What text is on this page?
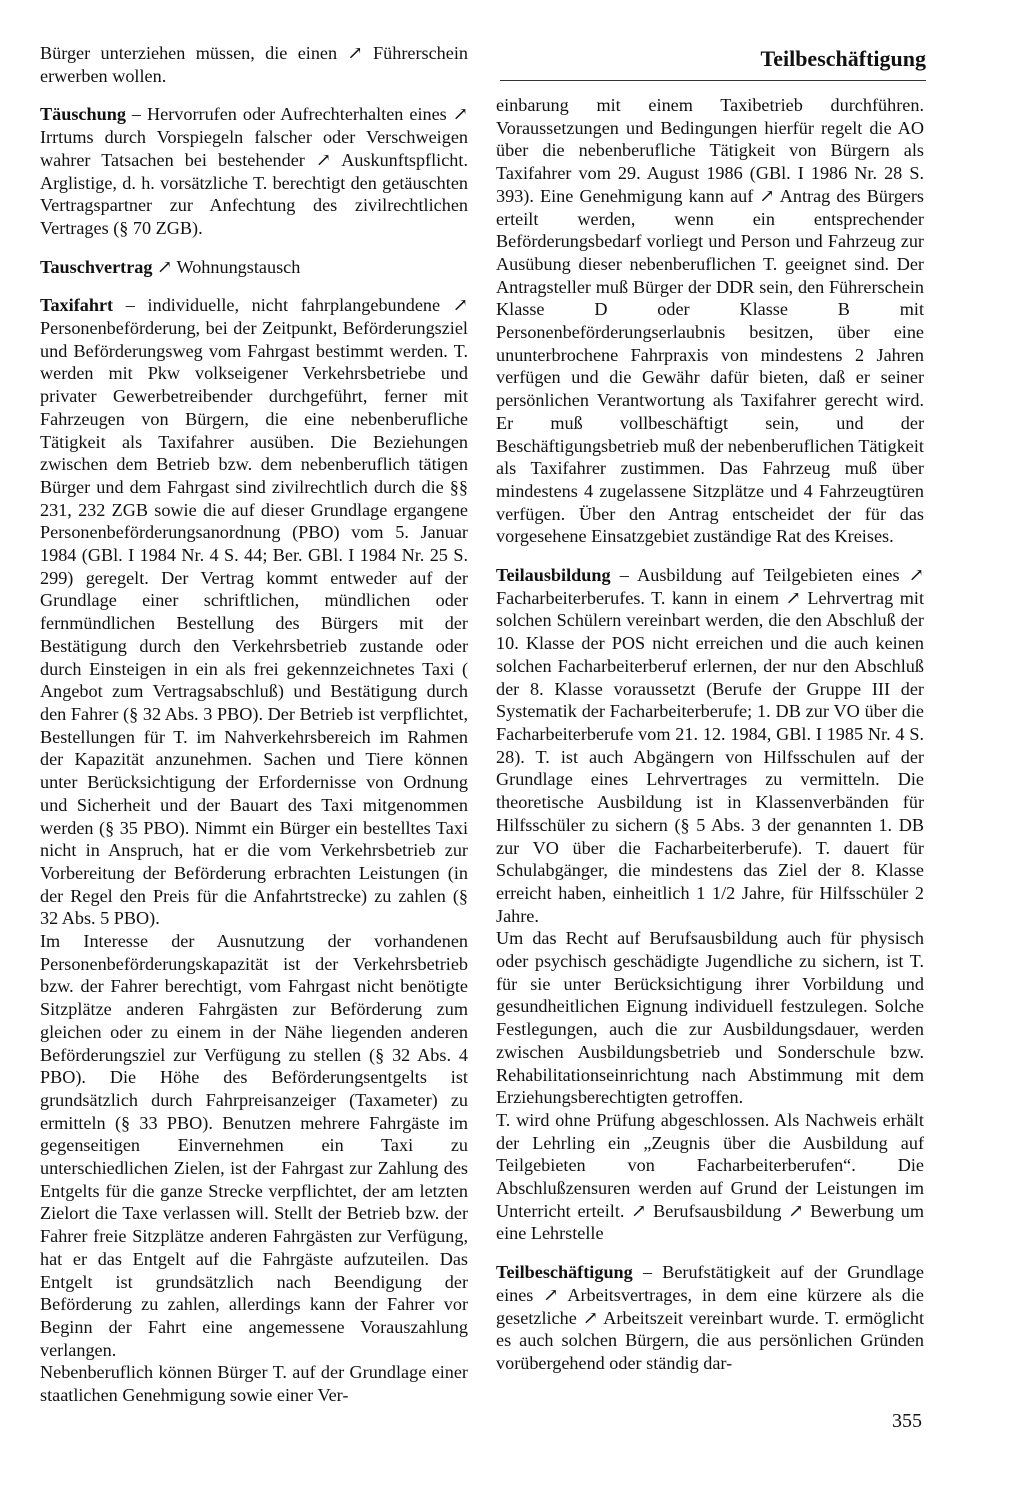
Teilbeschäftigung

Bürger unterziehen müssen, die einen ↗ Führerschein erwerben wollen.

Täuschung – Hervorrufen oder Aufrechterhalten eines ↗ Irrtums durch Vorspiegeln falscher oder Verschweigen wahrer Tatsachen bei bestehender ↗ Auskunftspflicht. Arglistige, d. h. vorsätzliche T. berechtigt den getäuschten Vertragspartner zur Anfechtung des zivilrechtlichen Vertrages (§ 70 ZGB).

Tauschvertrag ↗ Wohnungstausch

Taxifahrt – individuelle, nicht fahrplangebundene ↗ Personenbeförderung, bei der Zeitpunkt, Beförderungsziel und Beförderungsweg vom Fahrgast bestimmt werden. T. werden mit Pkw volkseigener Verkehrsbetriebe und privater Gewerbetreibender durchgeführt, ferner mit Fahrzeugen von Bürgern, die eine nebenberufliche Tätigkeit als Taxifahrer ausüben. Die Beziehungen zwischen dem Betrieb bzw. dem nebenberuflich tätigen Bürger und dem Fahrgast sind zivilrechtlich durch die §§ 231, 232 ZGB sowie die auf dieser Grundlage ergangene Personenbeförderungsanordnung (PBO) vom 5. Januar 1984 (GBl. I 1984 Nr. 4 S. 44; Ber. GBl. I 1984 Nr. 25 S. 299) geregelt. Der Vertrag kommt entweder auf der Grundlage einer schriftlichen, mündlichen oder fernmündlichen Bestellung des Bürgers mit der Bestätigung durch den Verkehrsbetrieb zustande oder durch Einsteigen in ein als frei gekennzeichnetes Taxi ( Angebot zum Vertragsabschluß) und Bestätigung durch den Fahrer (§ 32 Abs. 3 PBO). Der Betrieb ist verpflichtet, Bestellungen für T. im Nahverkehrsbereich im Rahmen der Kapazität anzunehmen. Sachen und Tiere können unter Berücksichtigung der Erfordernisse von Ordnung und Sicherheit und der Bauart des Taxi mitgenommen werden (§ 35 PBO). Nimmt ein Bürger ein bestelltes Taxi nicht in Anspruch, hat er die vom Verkehrsbetrieb zur Vorbereitung der Beförderung erbrachten Leistungen (in der Regel den Preis für die Anfahrtstrecke) zu zahlen (§ 32 Abs. 5 PBO).

Im Interesse der Ausnutzung der vorhandenen Personenbeförderungskapazität ist der Verkehrsbetrieb bzw. der Fahrer berechtigt, vom Fahrgast nicht benötigte Sitzplätze anderen Fahrgästen zur Beförderung zum gleichen oder zu einem in der Nähe liegenden anderen Beförderungsziel zur Verfügung zu stellen (§ 32 Abs. 4 PBO). Die Höhe des Beförderungsentgelts ist grundsätzlich durch Fahrpreisanzeiger (Taxameter) zu ermitteln (§ 33 PBO). Benutzen mehrere Fahrgäste im gegenseitigen Einvernehmen ein Taxi zu unterschiedlichen Zielen, ist der Fahrgast zur Zahlung des Entgelts für die ganze Strecke verpflichtet, der am letzten Zielort die Taxe verlassen will. Stellt der Betrieb bzw. der Fahrer freie Sitzplätze anderen Fahrgästen zur Verfügung, hat er das Entgelt auf die Fahrgäste aufzuteilen. Das Entgelt ist grundsätzlich nach Beendigung der Beförderung zu zahlen, allerdings kann der Fahrer vor Beginn der Fahrt eine angemessene Vorauszahlung verlangen.

Nebenberuflich können Bürger T. auf der Grundlage einer staatlichen Genehmigung sowie einer Ver-

einbarung mit einem Taxibetrieb durchführen. Voraussetzungen und Bedingungen hierfür regelt die AO über die nebenberufliche Tätigkeit von Bürgern als Taxifahrer vom 29. August 1986 (GBl. I 1986 Nr. 28 S. 393). Eine Genehmigung kann auf ↗ Antrag des Bürgers erteilt werden, wenn ein entsprechender Beförderungsbedarf vorliegt und Person und Fahrzeug zur Ausübung dieser nebenberuflichen T. geeignet sind. Der Antragsteller muß Bürger der DDR sein, den Führerschein Klasse D oder Klasse B mit Personenbeförderungserlaubnis besitzen, über eine ununterbrochene Fahrpraxis von mindestens 2 Jahren verfügen und die Gewähr dafür bieten, daß er seiner persönlichen Verantwortung als Taxifahrer gerecht wird. Er muß vollbeschäftigt sein, und der Beschäftigungsbetrieb muß der nebenberuflichen Tätigkeit als Taxifahrer zustimmen. Das Fahrzeug muß über mindestens 4 zugelassene Sitzplätze und 4 Fahrzeugtüren verfügen. Über den Antrag entscheidet der für das vorgesehene Einsatzgebiet zuständige Rat des Kreises.

Teilausbildung – Ausbildung auf Teilgebieten eines ↗ Facharbeiterberufes. T. kann in einem ↗ Lehrvertrag mit solchen Schülern vereinbart werden, die den Abschluß der 10. Klasse der POS nicht erreichen und die auch keinen solchen Facharbeiterberuf erlernen, der nur den Abschluß der 8. Klasse voraussetzt (Berufe der Gruppe III der Systematik der Facharbeiterberufe; 1. DB zur VO über die Facharbeiterberufe vom 21. 12. 1984, GBl. I 1985 Nr. 4 S. 28). T. ist auch Abgängern von Hilfsschulen auf der Grundlage eines Lehrvertrages zu vermitteln. Die theoretische Ausbildung ist in Klassenverbänden für Hilfsschüler zu sichern (§ 5 Abs. 3 der genannten 1. DB zur VO über die Facharbeiterberufe). T. dauert für Schulabgänger, die mindestens das Ziel der 8. Klasse erreicht haben, einheitlich 1 1/2 Jahre, für Hilfsschüler 2 Jahre.

Um das Recht auf Berufsausbildung auch für physisch oder psychisch geschädigte Jugendliche zu sichern, ist T. für sie unter Berücksichtigung ihrer Vorbildung und gesundheitlichen Eignung individuell festzulegen. Solche Festlegungen, auch die zur Ausbildungsdauer, werden zwischen Ausbildungsbetrieb und Sonderschule bzw. Rehabilitationseinrichtung nach Abstimmung mit dem Erziehungsberechtigten getroffen.

T. wird ohne Prüfung abgeschlossen. Als Nachweis erhält der Lehrling ein „Zeugnis über die Ausbildung auf Teilgebieten von Facharbeiterberufen“. Die Abschlußzensuren werden auf Grund der Leistungen im Unterricht erteilt. ↗ Berufsausbildung ↗ Bewerbung um eine Lehrstelle

Teilbeschäftigung – Berufstätigkeit auf der Grundlage eines ↗ Arbeitsvertrages, in dem eine kürzere als die gesetzliche ↗ Arbeitszeit vereinbart wurde. T. ermöglicht es auch solchen Bürgern, die aus persönlichen Gründen vorübergehend oder ständig dar-

355
